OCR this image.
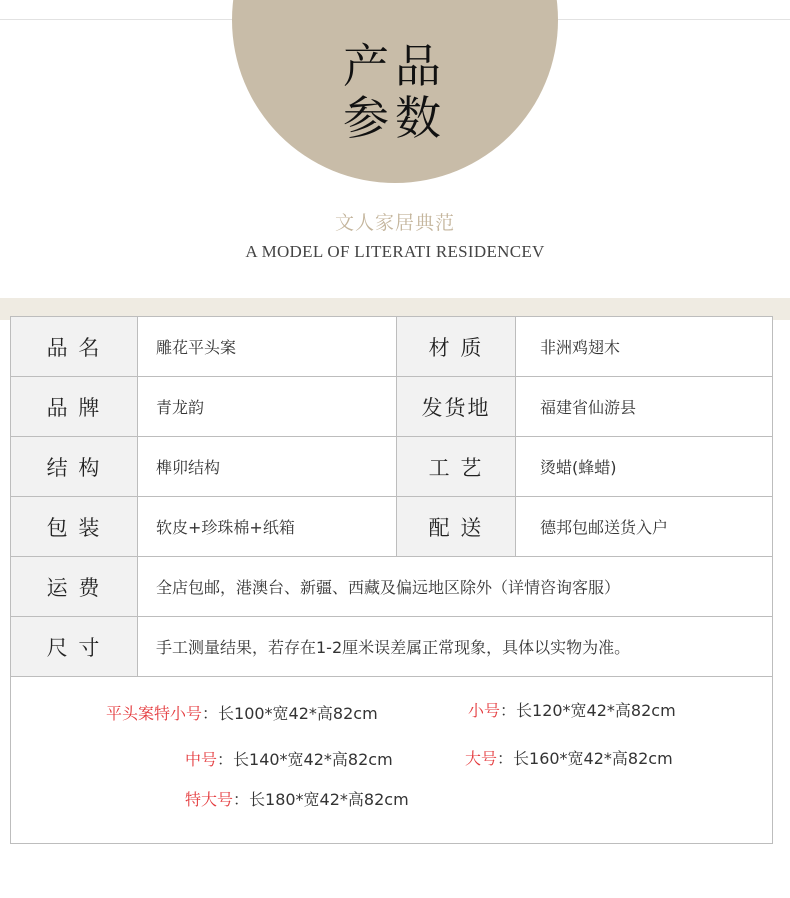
产品
参数
文人家居典范
A MODEL OF LITERATI RESIDENCEV
品 名	雕花平头案	材 质	非洲鸡翅木
品 牌	青龙韵	发货地	福建省仙游县
结 构	榫卯结构	工 艺	烫蜡(蜂蜡)
包 装	软皮+珍珠棉+纸箱	配 送	德邦包邮送货入户
运 费	全店包邮，港澳台、新疆、西藏及偏远地区除外（详情咨询客服）
尺 寸	手工测量结果，若存在1-2厘米误差属正常现象，具体以实物为准。
平头案特小号：长100*宽42*高82cm	小号：长120*宽42*高82cm
中号：长140*宽42*高82cm	大号：长160*宽42*高82cm
特大号：长180*宽42*高82cm
